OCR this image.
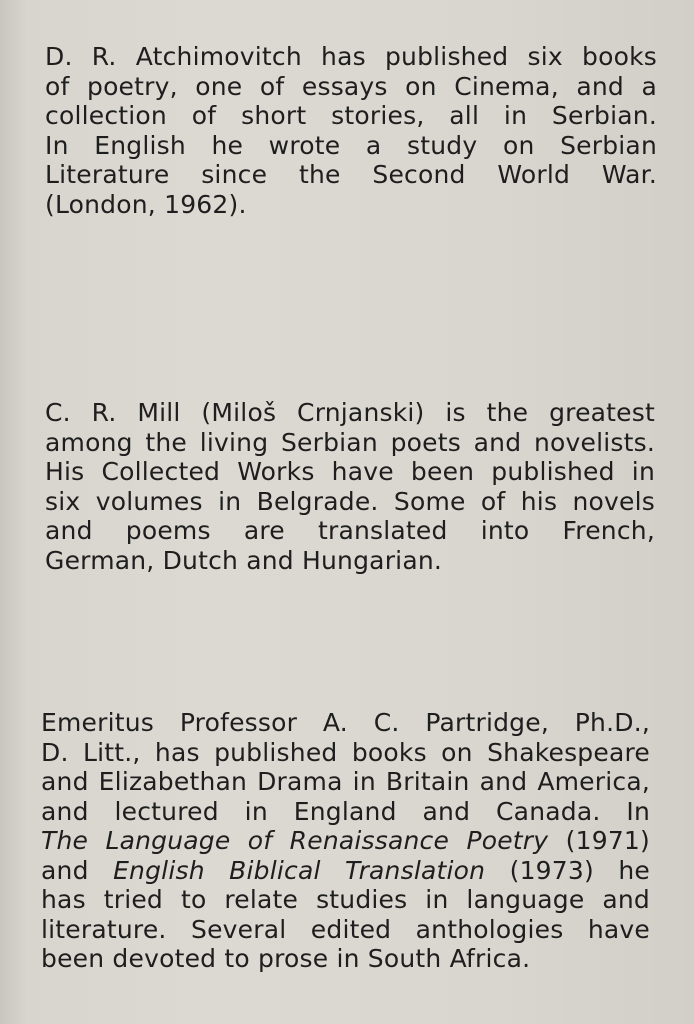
D. R. Atchimovitch has published six books
of poetry, one of essays on Cinema, and a
collection of short stories, all in Serbian.
In English he wrote a study on Serbian
Literature since the Second World War.
(London, 1962).
C. R. Mill (Miloš Crnjanski) is the greatest
among the living Serbian poets and novelists.
His Collected Works have been published in
six volumes in Belgrade. Some of his novels
and poems are translated into French,
German, Dutch and Hungarian.
Emeritus Professor A. C. Partridge, Ph.D.,
D. Litt., has published books on Shakespeare
and Elizabethan Drama in Britain and America,
and lectured in England and Canada. In
The Language of Renaissance Poetry (1971)
and English Biblical Translation (1973) he
has tried to relate studies in language and
literature. Several edited anthologies have
been devoted to prose in South Africa.
